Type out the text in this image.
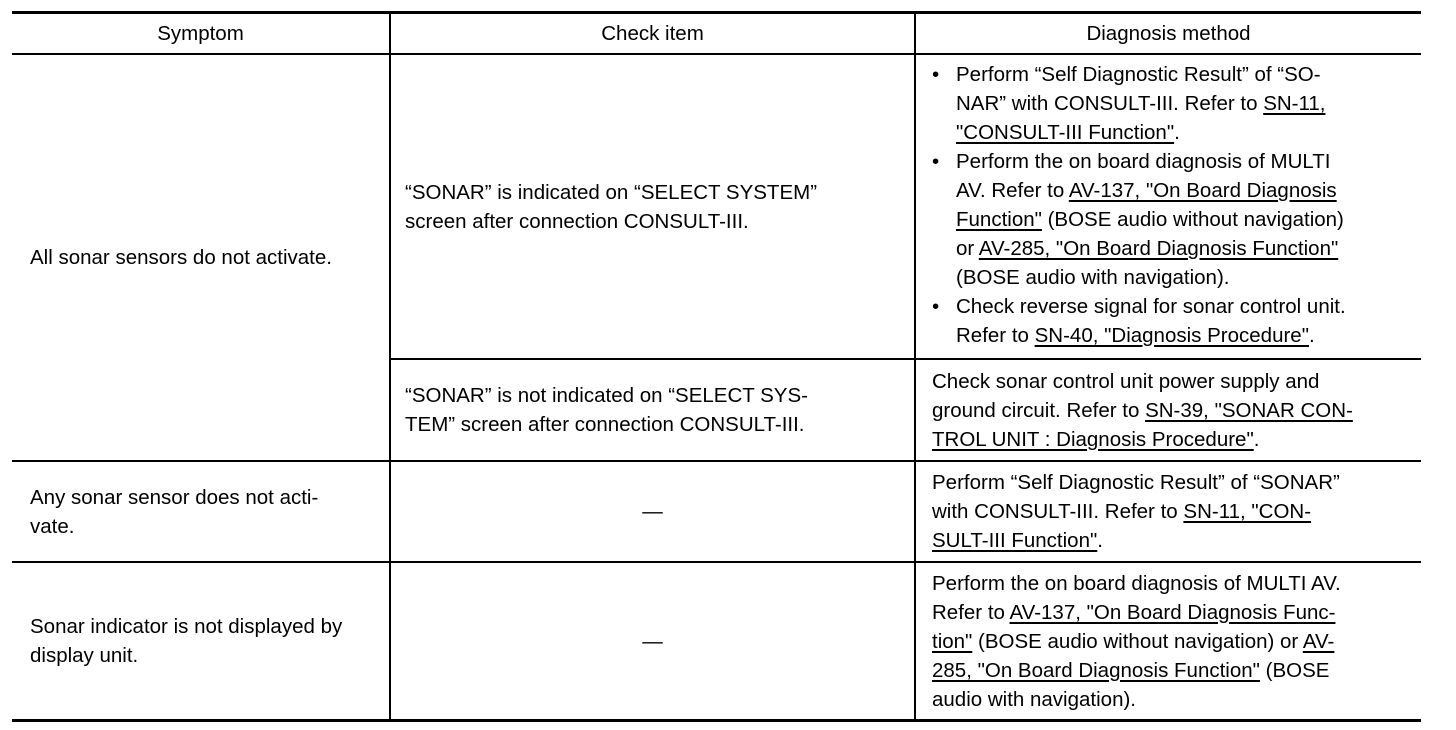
Symptom	Check item	Diagnosis method
All sonar sensors do not activate.
“SONAR” is indicated on “SELECT SYSTEM”
screen after connection CONSULT-III.
• Perform “Self Diagnostic Result” of “SO-
NAR” with CONSULT-III. Refer to SN-11,
"CONSULT-III Function".
• Perform the on board diagnosis of MULTI
AV. Refer to AV-137, "On Board Diagnosis
Function" (BOSE audio without navigation)
or AV-285, "On Board Diagnosis Function"
(BOSE audio with navigation).
• Check reverse signal for sonar control unit.
Refer to SN-40, "Diagnosis Procedure".
“SONAR” is not indicated on “SELECT SYS-
TEM” screen after connection CONSULT-III.
Check sonar control unit power supply and
ground circuit. Refer to SN-39, "SONAR CON-
TROL UNIT : Diagnosis Procedure".
Any sonar sensor does not acti-
vate.
—
Perform “Self Diagnostic Result” of “SONAR”
with CONSULT-III. Refer to SN-11, "CON-
SULT-III Function".
Sonar indicator is not displayed by
display unit.
—
Perform the on board diagnosis of MULTI AV.
Refer to AV-137, "On Board Diagnosis Func-
tion" (BOSE audio without navigation) or AV-
285, "On Board Diagnosis Function" (BOSE
audio with navigation).
